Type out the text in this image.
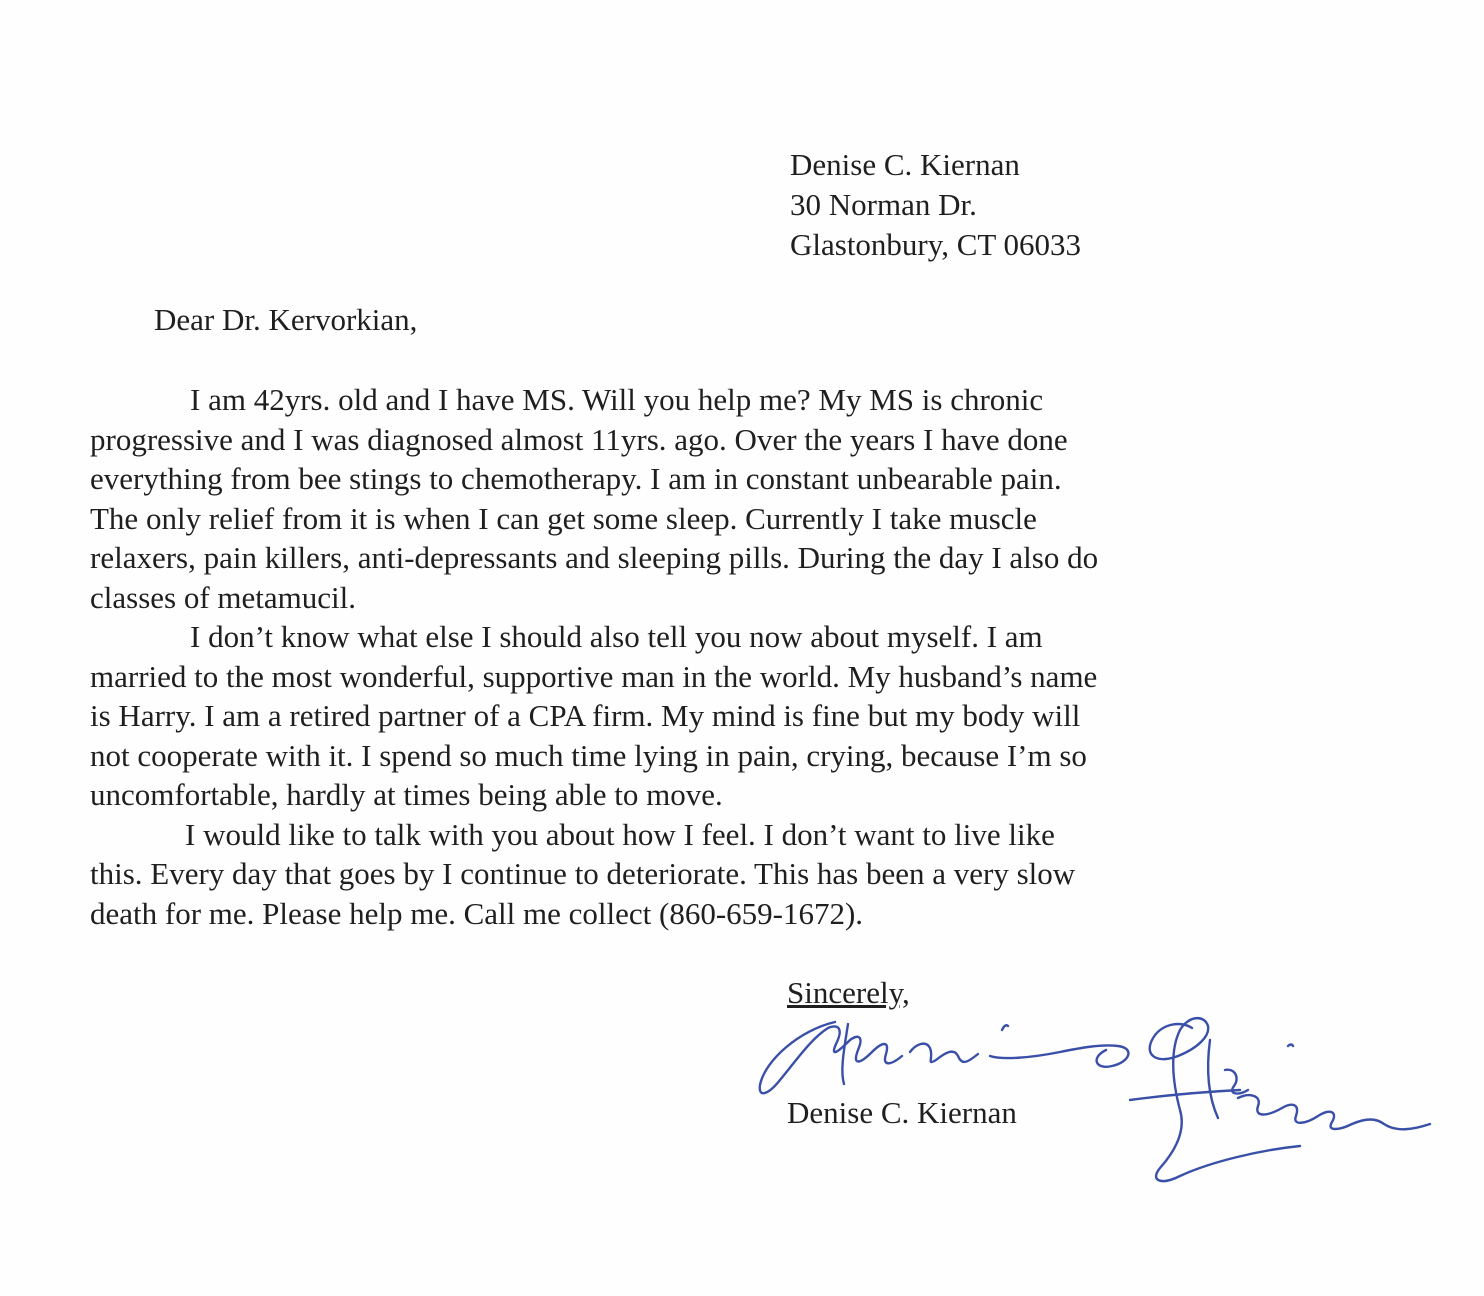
Denise C. Kiernan
30 Norman Dr.
Glastonbury, CT 06033
Dear Dr. Kervorkian,
I am 42yrs. old and I have MS. Will you help me? My MS is chronic
progressive and I was diagnosed almost 11yrs. ago. Over the years I have done
everything from bee stings to chemotherapy. I am in constant unbearable pain.
The only relief from it is when I can get some sleep. Currently I take muscle
relaxers, pain killers, anti-depressants and sleeping pills. During the day I also do
classes of metamucil.
I don’t know what else I should also tell you now about myself. I am
married to the most wonderful, supportive man in the world. My husband’s name
is Harry. I am a retired partner of a CPA firm. My mind is fine but my body will
not cooperate with it. I spend so much time lying in pain, crying, because I’m so
uncomfortable, hardly at times being able to move.
I would like to talk with you about how I feel. I don’t want to live like
this. Every day that goes by I continue to deteriorate. This has been a very slow
death for me. Please help me. Call me collect (860-659-1672).
Sincerely,
Denise C. Kiernan
